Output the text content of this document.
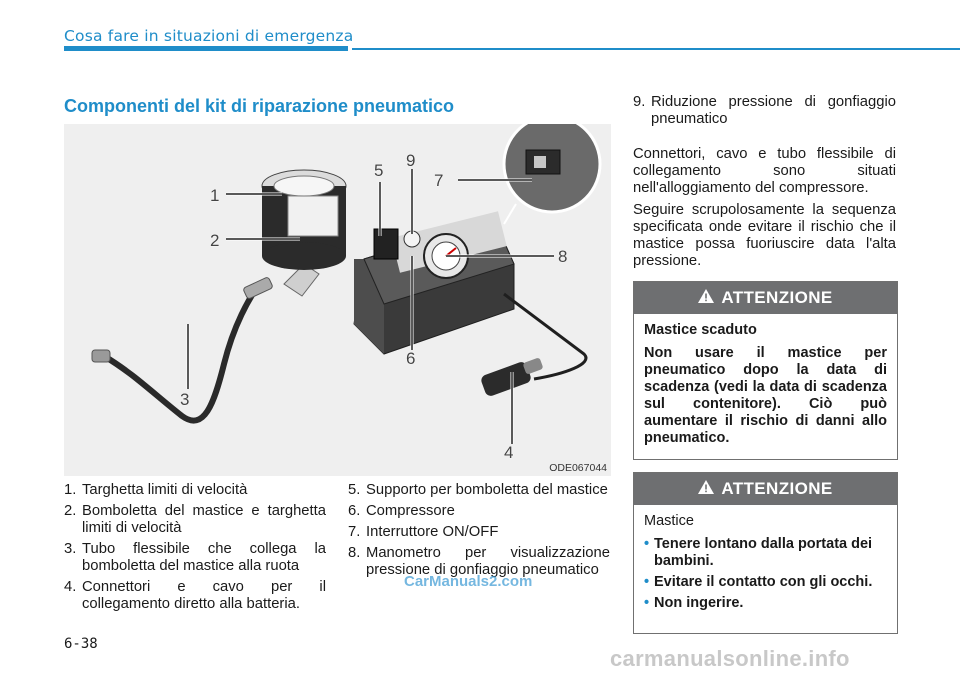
Cosa fare in situazioni di emergenza
Componenti del kit di riparazione pneumatico
1
2
3
4
5
6
7
8
9
ODE067044
1. Targhetta limiti di velocità
2. Bomboletta del mastice e targhetta limiti di velocità
3. Tubo flessibile che collega la bomboletta del mastice alla ruota
4. Connettori e cavo per il collegamento diretto alla batteria.
5. Supporto per bomboletta del mastice
6. Compressore
7. Interruttore ON/OFF
8. Manometro per visualizzazione pressione di gonfiaggio pneumatico
9. Riduzione pressione di gonfiaggio pneumatico

Connettori, cavo e tubo flessibile di collegamento sono situati nell'alloggiamento del compressore.

Seguire scrupolosamente la sequenza specificata onde evitare il rischio che il mastice possa fuoriuscire data l'alta pressione.

ATTENZIONE

Mastice scaduto

Non usare il mastice per pneumatico dopo la data di scadenza (vedi la data di scadenza sul contenitore). Ciò può aumentare il rischio di danni allo pneumatico.

ATTENZIONE

Mastice

• Tenere lontano dalla portata dei bambini.
• Evitare il contatto con gli occhi.
• Non ingerire.
CarManuals2.com
6-38
carmanualsonline.info
